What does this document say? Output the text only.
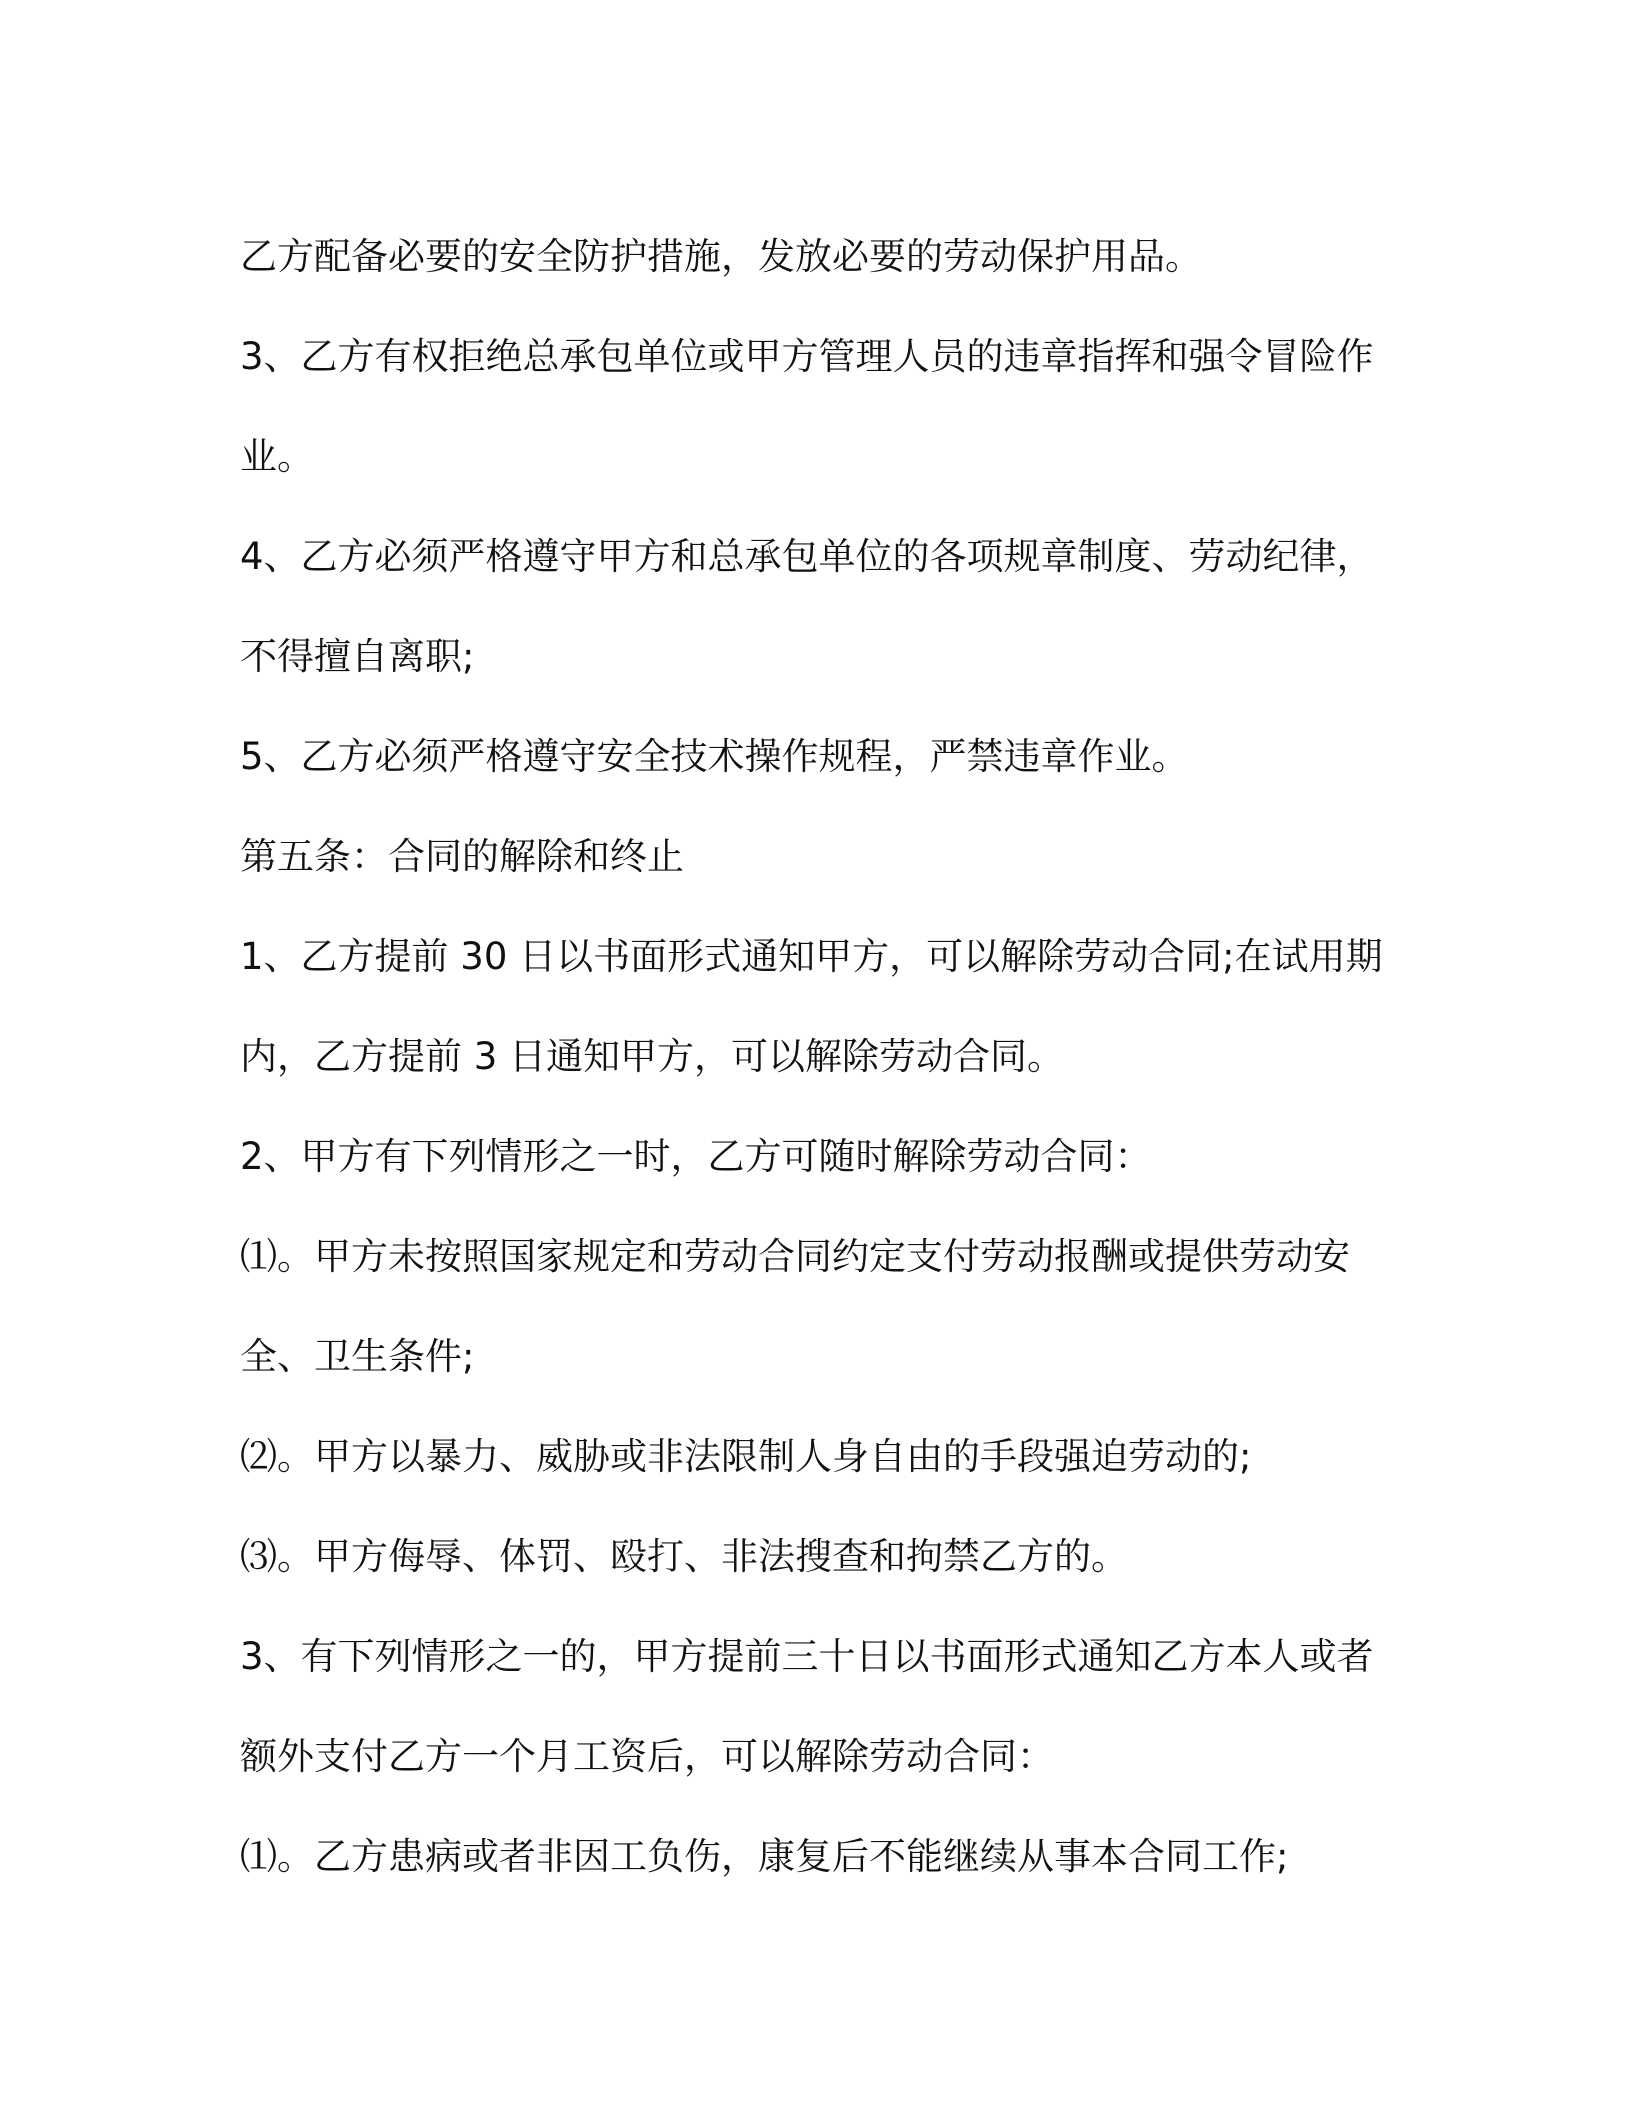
乙方配备必要的安全防护措施，发放必要的劳动保护用品。

3、乙方有权拒绝总承包单位或甲方管理人员的违章指挥和强令冒险作

业。

4、乙方必须严格遵守甲方和总承包单位的各项规章制度、劳动纪律，

不得擅自离职;

5、乙方必须严格遵守安全技术操作规程，严禁违章作业。

第五条：合同的解除和终止

1、乙方提前 30 日以书面形式通知甲方，可以解除劳动合同;在试用期

内，乙方提前 3 日通知甲方，可以解除劳动合同。

2、甲方有下列情形之一时，乙方可随时解除劳动合同：

⑴。甲方未按照国家规定和劳动合同约定支付劳动报酬或提供劳动安

全、卫生条件;

⑵。甲方以暴力、威胁或非法限制人身自由的手段强迫劳动的;

⑶。甲方侮辱、体罚、殴打、非法搜查和拘禁乙方的。

3、有下列情形之一的，甲方提前三十日以书面形式通知乙方本人或者

额外支付乙方一个月工资后，可以解除劳动合同：

⑴。乙方患病或者非因工负伤，康复后不能继续从事本合同工作;
